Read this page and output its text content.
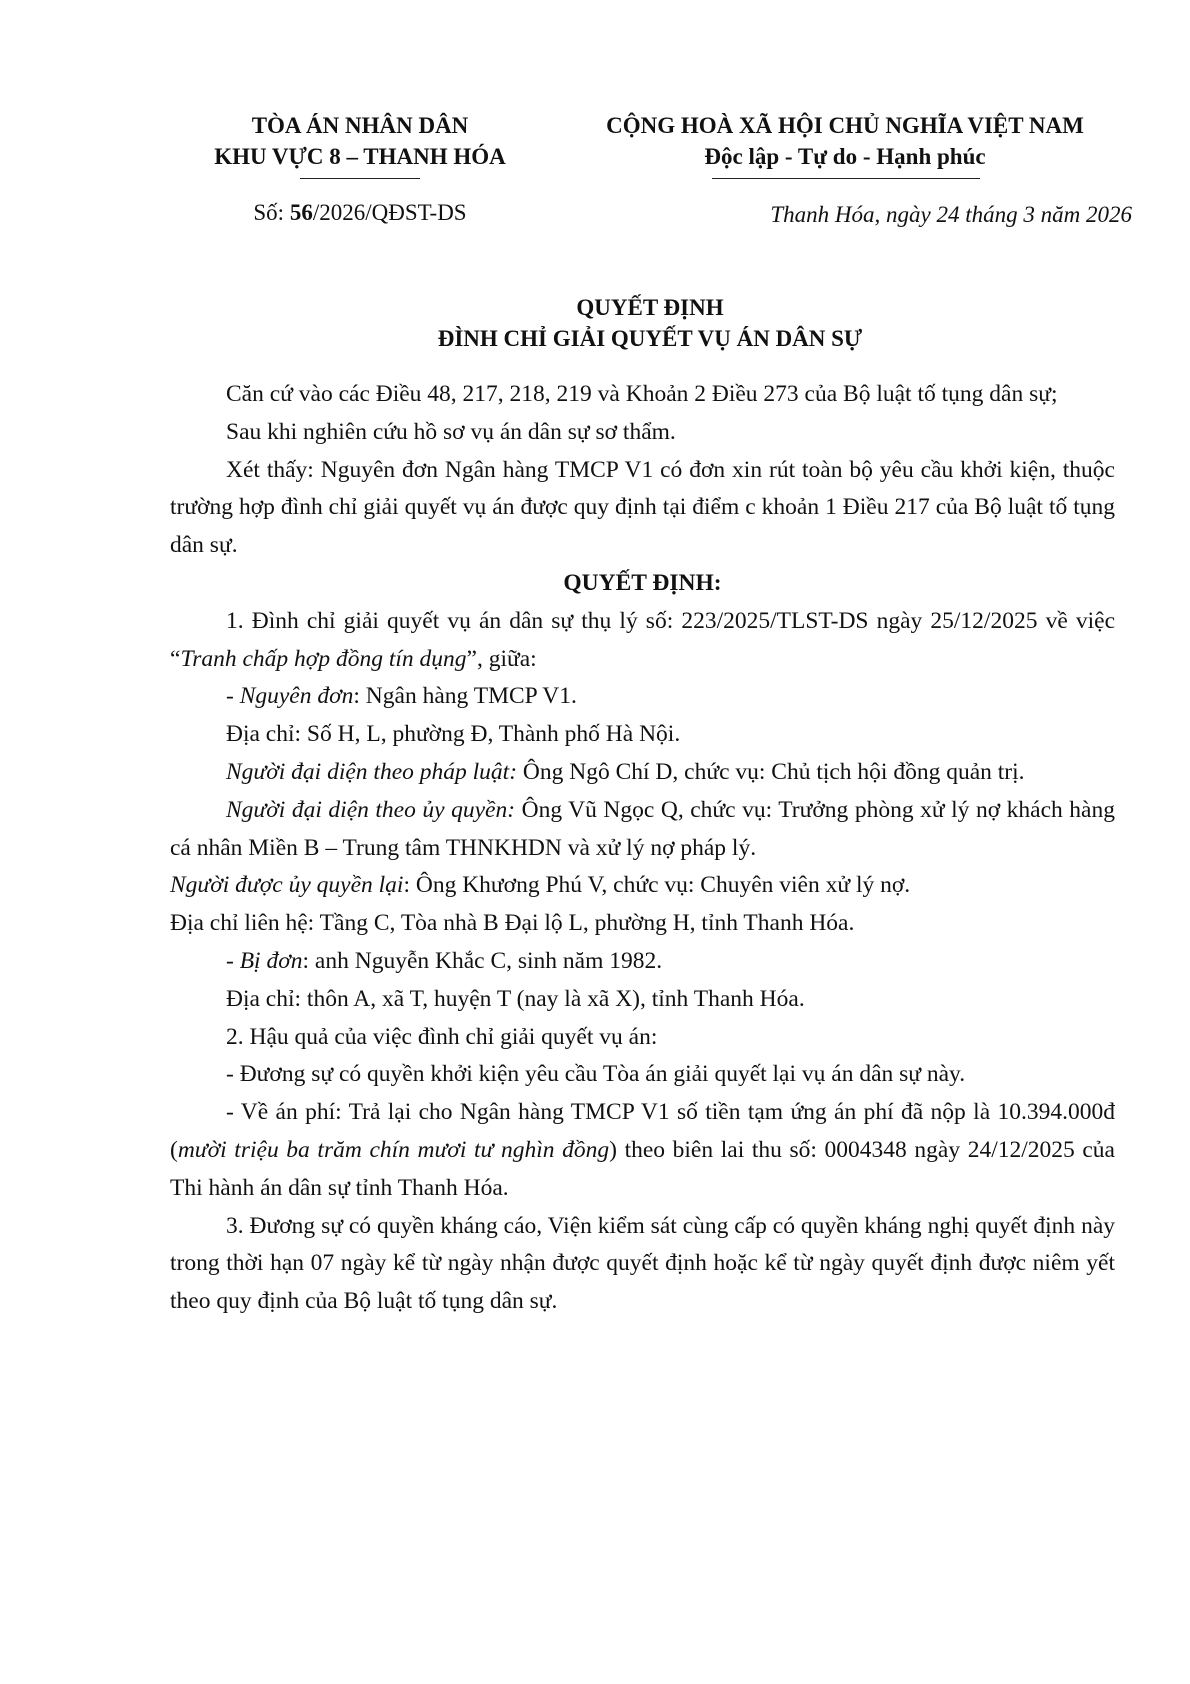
TÒA ÁN NHÂN DÂN
KHU VỰC 8 – THANH HÓA
CỘNG HOÀ XÃ HỘI CHỦ NGHĨA VIỆT NAM
Độc lập - Tự do - Hạnh phúc
Số: 56/2026/QĐST-DS	Thanh Hóa, ngày 24 tháng 3 năm 2026
QUYẾT ĐỊNH
ĐÌNH CHỈ GIẢI QUYẾT VỤ ÁN DÂN SỰ

Căn cứ vào các Điều 48, 217, 218, 219 và Khoản 2 Điều 273 của Bộ luật tố tụng dân sự;

Sau khi nghiên cứu hồ sơ vụ án dân sự sơ thẩm.

Xét thấy: Nguyên đơn Ngân hàng TMCP V1 có đơn xin rút toàn bộ yêu cầu khởi kiện, thuộc trường hợp đình chỉ giải quyết vụ án được quy định tại điểm c khoản 1 Điều 217 của Bộ luật tố tụng dân sự.

QUYẾT ĐỊNH:

1. Đình chỉ giải quyết vụ án dân sự thụ lý số: 223/2025/TLST-DS ngày 25/12/2025 về việc “Tranh chấp hợp đồng tín dụng”, giữa:

- Nguyên đơn: Ngân hàng TMCP V1.

Địa chỉ: Số H, L, phường Đ, Thành phố Hà Nội.

Người đại diện theo pháp luật: Ông Ngô Chí D, chức vụ: Chủ tịch hội đồng quản trị.

Người đại diện theo ủy quyền: Ông Vũ Ngọc Q, chức vụ: Trưởng phòng xử lý nợ khách hàng cá nhân Miền B – Trung tâm THNKHDN và xử lý nợ pháp lý.

Người được ủy quyền lại: Ông Khương Phú V, chức vụ: Chuyên viên xử lý nợ.

Địa chỉ liên hệ: Tầng C, Tòa nhà B Đại lộ L, phường H, tỉnh Thanh Hóa.

- Bị đơn: anh Nguyễn Khắc C, sinh năm 1982.

Địa chỉ: thôn A, xã T, huyện T (nay là xã X), tỉnh Thanh Hóa.

2. Hậu quả của việc đình chỉ giải quyết vụ án:

- Đương sự có quyền khởi kiện yêu cầu Tòa án giải quyết lại vụ án dân sự này.

- Về án phí: Trả lại cho Ngân hàng TMCP V1 số tiền tạm ứng án phí đã nộp là 10.394.000đ (mười triệu ba trăm chín mươi tư nghìn đồng) theo biên lai thu số: 0004348 ngày 24/12/2025 của Thi hành án dân sự tỉnh Thanh Hóa.

3. Đương sự có quyền kháng cáo, Viện kiểm sát cùng cấp có quyền kháng nghị quyết định này trong thời hạn 07 ngày kể từ ngày nhận được quyết định hoặc kể từ ngày quyết định được niêm yết theo quy định của Bộ luật tố tụng dân sự.
